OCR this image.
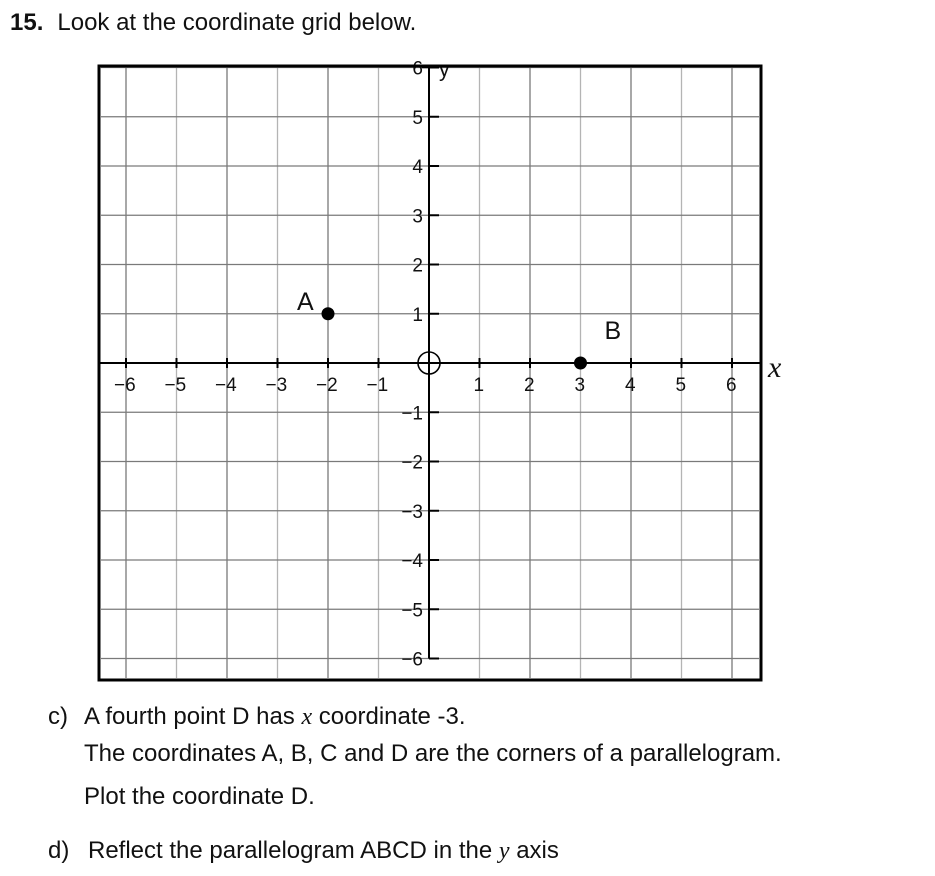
15. Look at the coordinate grid below.
−6 −5 −4 −3 −2 −1	1 2 3 4 5 6
6
5
4
3
2
1
−1
−2
−3
−4
−5
−6
y
x
A
B
c) A fourth point D has x coordinate -3.
The coordinates A, B, C and D are the corners of a parallelogram.
Plot the coordinate D.
d) Reflect the parallelogram ABCD in the y axis
